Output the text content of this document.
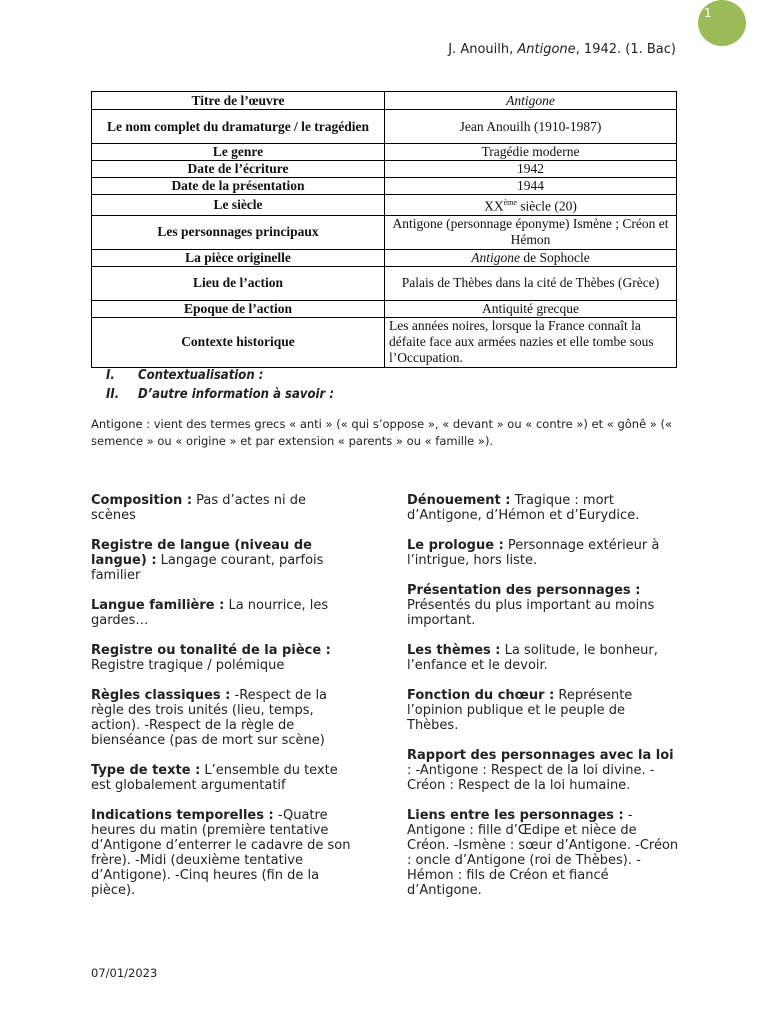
1
J. Anouilh, Antigone, 1942. (1. Bac)
Titre de l’œuvre	Antigone
Le nom complet du dramaturge / le tragédien	Jean Anouilh (1910-1987)
Le genre	Tragédie moderne
Date de l’écriture	1942
Date de la présentation	1944
Le siècle	XXème siècle (20)
Les personnages principaux	Antigone (personnage éponyme) Ismène ; Créon et Hémon
La pièce originelle	Antigone de Sophocle
Lieu de l’action	Palais de Thèbes dans la cité de Thèbes (Grèce)
Epoque de l’action	Antiquité grecque
Contexte historique	Les années noires, lorsque la France connaît la défaite face aux armées nazies et elle tombe sous l’Occupation.
I. Contextualisation :
II. D’autre information à savoir :
Antigone : vient des termes grecs « anti » (« qui s’oppose », « devant » ou « contre ») et « gônê » (« semence » ou « origine » et par extension « parents » ou « famille »).
Composition : Pas d’actes ni de scènes
Registre de langue (niveau de langue) : Langage courant, parfois familier
Langue familière : La nourrice, les gardes…
Registre ou tonalité de la pièce : Registre tragique / polémique
Règles classiques : -Respect de la règle des trois unités (lieu, temps, action). -Respect de la règle de bienséance (pas de mort sur scène)
Type de texte : L’ensemble du texte est globalement argumentatif
Indications temporelles : -Quatre heures du matin (première tentative d’Antigone d’enterrer le cadavre de son frère). -Midi (deuxième tentative d’Antigone). -Cinq heures (fin de la pièce).
Dénouement : Tragique : mort d’Antigone, d’Hémon et d’Eurydice.
Le prologue : Personnage extérieur à l’intrigue, hors liste.
Présentation des personnages : Présentés du plus important au moins important.
Les thèmes : La solitude, le bonheur, l’enfance et le devoir.
Fonction du chœur : Représente l’opinion publique et le peuple de Thèbes.
Rapport des personnages avec la loi : -Antigone : Respect de la loi divine. -Créon : Respect de la loi humaine.
Liens entre les personnages : -Antigone : fille d’Œdipe et nièce de Créon. -Ismène : sœur d’Antigone. -Créon : oncle d’Antigone (roi de Thèbes). -Hémon : fils de Créon et fiancé d’Antigone.
07/01/2023
